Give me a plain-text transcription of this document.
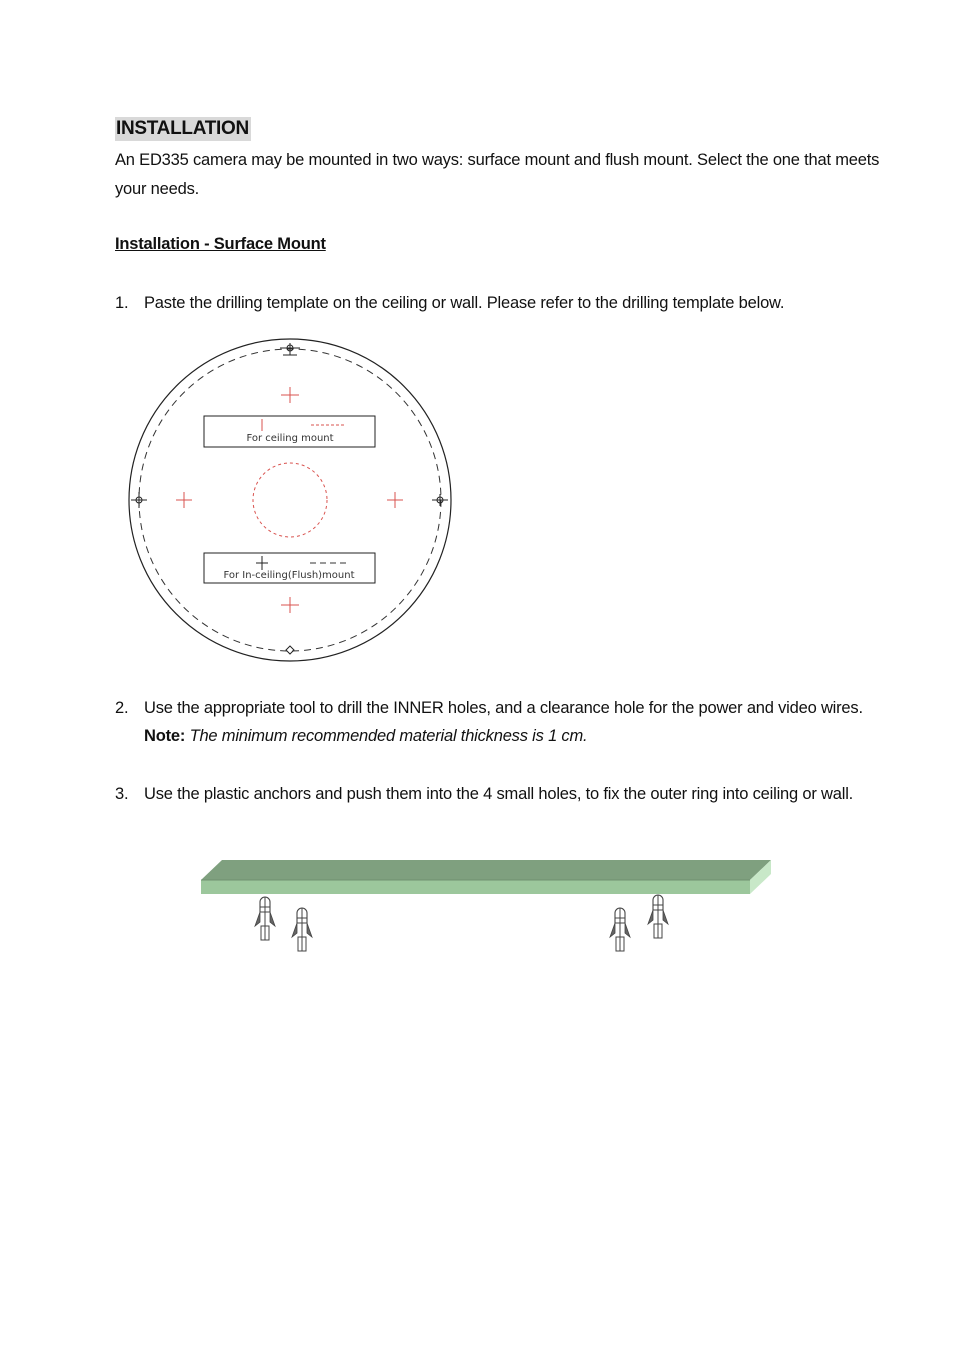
INSTALLATION
An ED335 camera may be mounted in two ways: surface mount and flush mount. Select the one that meets your needs.
Installation - Surface Mount
1. Paste the drilling template on the ceiling or wall. Please refer to the drilling template below.
For ceiling mount
For In-ceiling(Flush)mount
2. Use the appropriate tool to drill the INNER holes, and a clearance hole for the power and video wires.
Note: The minimum recommended material thickness is 1 cm.
3. Use the plastic anchors and push them into the 4 small holes, to fix the outer ring into ceiling or wall.
